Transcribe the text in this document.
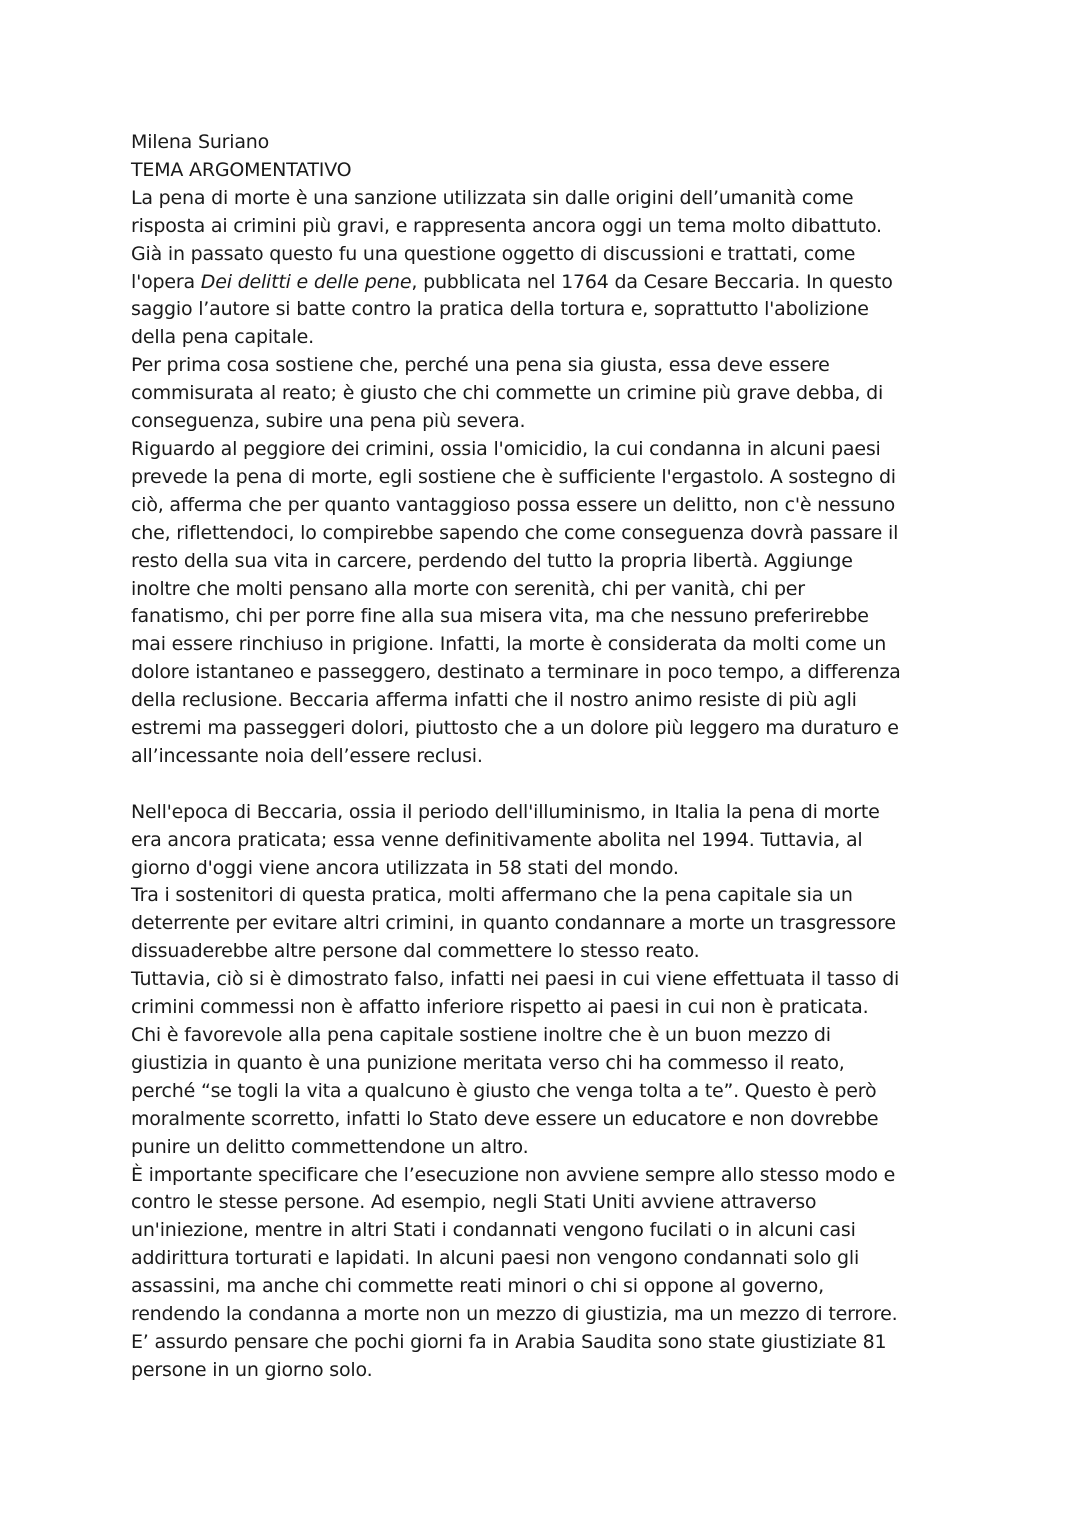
Milena Suriano
TEMA ARGOMENTATIVO
La pena di morte è una sanzione utilizzata sin dalle origini dell’umanità come
risposta ai crimini più gravi, e rappresenta ancora oggi un tema molto dibattuto.
Già in passato questo fu una questione oggetto di discussioni e trattati, come
l'opera Dei delitti e delle pene, pubblicata nel 1764 da Cesare Beccaria. In questo
saggio l’autore si batte contro la pratica della tortura e, soprattutto l'abolizione
della pena capitale.
Per prima cosa sostiene che, perché una pena sia giusta, essa deve essere
commisurata al reato; è giusto che chi commette un crimine più grave debba, di
conseguenza, subire una pena più severa.
Riguardo al peggiore dei crimini, ossia l'omicidio, la cui condanna in alcuni paesi
prevede la pena di morte, egli sostiene che è sufficiente l'ergastolo. A sostegno di
ciò, afferma che per quanto vantaggioso possa essere un delitto, non c'è nessuno
che, riflettendoci, lo compirebbe sapendo che come conseguenza dovrà passare il
resto della sua vita in carcere, perdendo del tutto la propria libertà. Aggiunge
inoltre che molti pensano alla morte con serenità, chi per vanità, chi per
fanatismo, chi per porre fine alla sua misera vita, ma che nessuno preferirebbe
mai essere rinchiuso in prigione. Infatti, la morte è considerata da molti come un
dolore istantaneo e passeggero, destinato a terminare in poco tempo, a differenza
della reclusione. Beccaria afferma infatti che il nostro animo resiste di più agli
estremi ma passeggeri dolori, piuttosto che a un dolore più leggero ma duraturo e
all’incessante noia dell’essere reclusi.
Nell'epoca di Beccaria, ossia il periodo dell'illuminismo, in Italia la pena di morte
era ancora praticata; essa venne definitivamente abolita nel 1994. Tuttavia, al
giorno d'oggi viene ancora utilizzata in 58 stati del mondo.
Tra i sostenitori di questa pratica, molti affermano che la pena capitale sia un
deterrente per evitare altri crimini, in quanto condannare a morte un trasgressore
dissuaderebbe altre persone dal commettere lo stesso reato.
Tuttavia, ciò si è dimostrato falso, infatti nei paesi in cui viene effettuata il tasso di
crimini commessi non è affatto inferiore rispetto ai paesi in cui non è praticata.
Chi è favorevole alla pena capitale sostiene inoltre che è un buon mezzo di
giustizia in quanto è una punizione meritata verso chi ha commesso il reato,
perché “se togli la vita a qualcuno è giusto che venga tolta a te”. Questo è però
moralmente scorretto, infatti lo Stato deve essere un educatore e non dovrebbe
punire un delitto commettendone un altro.
È importante specificare che l’esecuzione non avviene sempre allo stesso modo e
contro le stesse persone. Ad esempio, negli Stati Uniti avviene attraverso
un'iniezione, mentre in altri Stati i condannati vengono fucilati o in alcuni casi
addirittura torturati e lapidati. In alcuni paesi non vengono condannati solo gli
assassini, ma anche chi commette reati minori o chi si oppone al governo,
rendendo la condanna a morte non un mezzo di giustizia, ma un mezzo di terrore.
E’ assurdo pensare che pochi giorni fa in Arabia Saudita sono state giustiziate 81
persone in un giorno solo.
